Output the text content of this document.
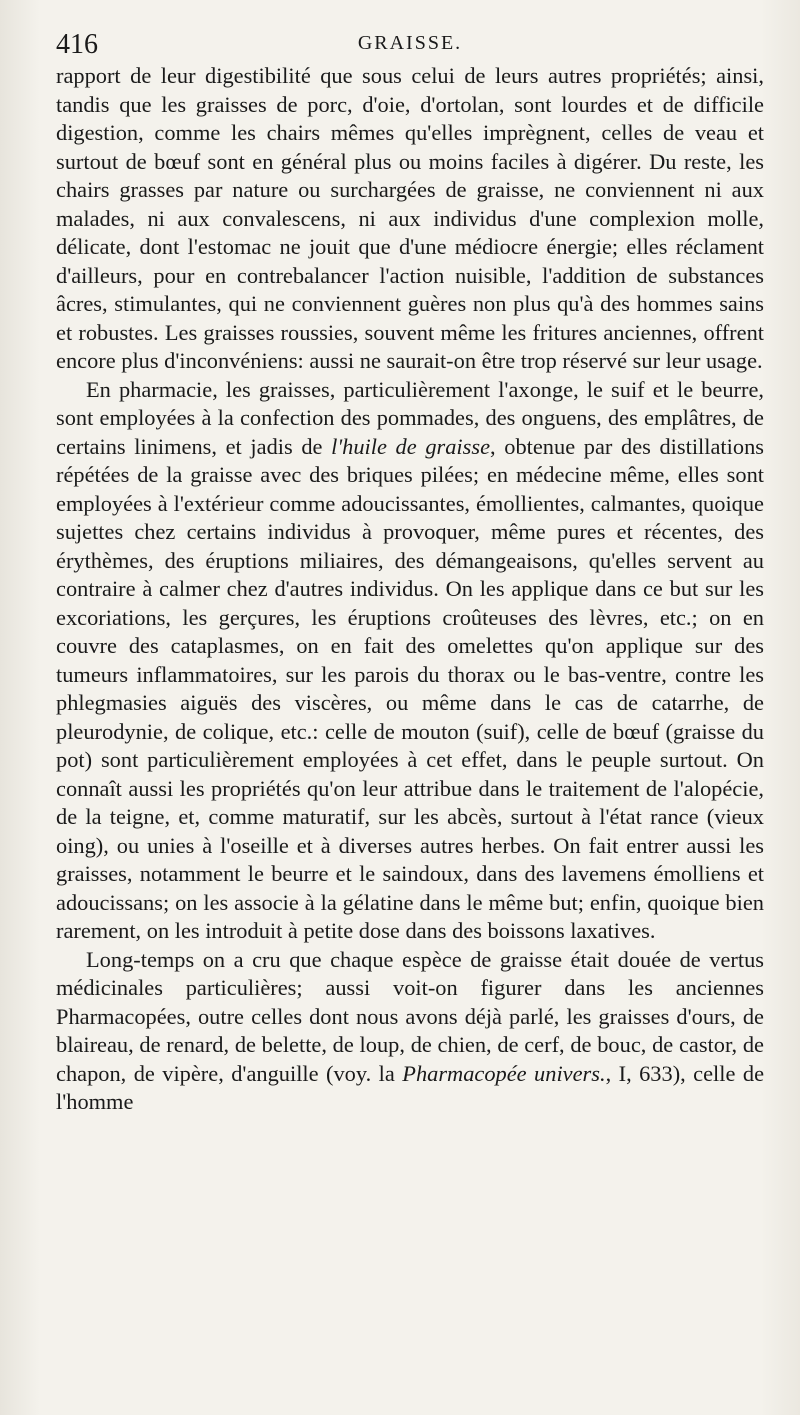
416	GRAISSE.

rapport de leur digestibilité que sous celui de leurs autres propriétés; ainsi, tandis que les graisses de porc, d'oie, d'ortolan, sont lourdes et de difficile digestion, comme les chairs mêmes qu'elles imprègnent, celles de veau et surtout de bœuf sont en général plus ou moins faciles à digérer. Du reste, les chairs grasses par nature ou surchargées de graisse, ne conviennent ni aux malades, ni aux convalescens, ni aux individus d'une complexion molle, délicate, dont l'estomac ne jouit que d'une médiocre énergie; elles réclament d'ailleurs, pour en contrebalancer l'action nuisible, l'addition de substances âcres, stimulantes, qui ne conviennent guères non plus qu'à des hommes sains et robustes. Les graisses roussies, souvent même les fritures anciennes, offrent encore plus d'inconvéniens: aussi ne saurait-on être trop réservé sur leur usage.

En pharmacie, les graisses, particulièrement l'axonge, le suif et le beurre, sont employées à la confection des pommades, des onguens, des emplâtres, de certains linimens, et jadis de l'huile de graisse, obtenue par des distillations répétées de la graisse avec des briques pilées; en médecine même, elles sont employées à l'extérieur comme adoucissantes, émollientes, calmantes, quoique sujettes chez certains individus à provoquer, même pures et récentes, des érythèmes, des éruptions miliaires, des démangeaisons, qu'elles servent au contraire à calmer chez d'autres individus. On les applique dans ce but sur les excoriations, les gerçures, les éruptions croûteuses des lèvres, etc.; on en couvre des cataplasmes, on en fait des omelettes qu'on applique sur des tumeurs inflammatoires, sur les parois du thorax ou le bas-ventre, contre les phlegmasies aiguës des viscères, ou même dans le cas de catarrhe, de pleurodynie, de colique, etc.: celle de mouton (suif), celle de bœuf (graisse du pot) sont particulièrement employées à cet effet, dans le peuple surtout. On connaît aussi les propriétés qu'on leur attribue dans le traitement de l'alopécie, de la teigne, et, comme maturatif, sur les abcès, surtout à l'état rance (vieux oing), ou unies à l'oseille et à diverses autres herbes. On fait entrer aussi les graisses, notamment le beurre et le saindoux, dans des lavemens émolliens et adoucissans; on les associe à la gélatine dans le même but; enfin, quoique bien rarement, on les introduit à petite dose dans des boissons laxatives.

Long-temps on a cru que chaque espèce de graisse était douée de vertus médicinales particulières; aussi voit-on figurer dans les anciennes Pharmacopées, outre celles dont nous avons déjà parlé, les graisses d'ours, de blaireau, de renard, de belette, de loup, de chien, de cerf, de bouc, de castor, de chapon, de vipère, d'anguille (voy. la Pharmacopée univers., I, 633), celle de l'homme
